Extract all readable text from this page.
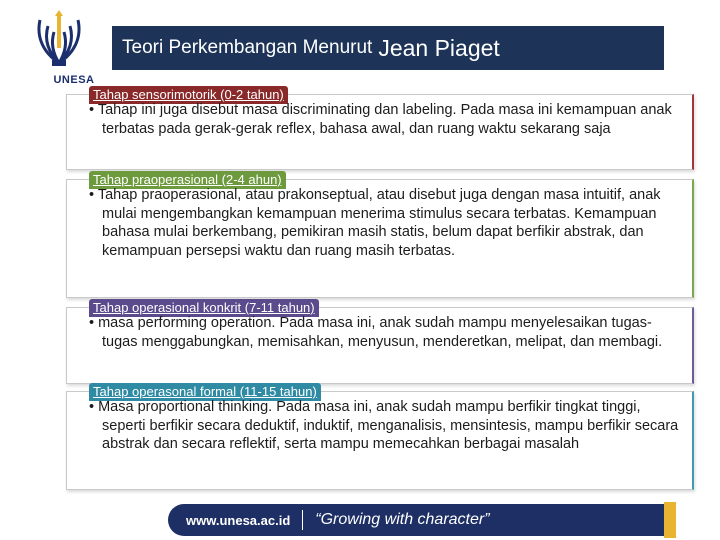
UNESA
Teori Perkembangan Menurut Jean Piaget
Tahap sensorimotorik (0-2 tahun)
• Tahap ini juga disebut masa discriminating dan labeling. Pada masa ini kemampuan anak terbatas pada gerak-gerak reflex, bahasa awal, dan ruang waktu sekarang saja
Tahap praoperasional (2-4 ahun)
• Tahap praoperasional, atau prakonseptual, atau disebut juga dengan masa intuitif, anak mulai mengembangkan kemampuan menerima stimulus secara terbatas. Kemampuan bahasa mulai berkembang, pemikiran masih statis, belum dapat berfikir abstrak, dan kemampuan persepsi waktu dan ruang masih terbatas.
Tahap operasional konkrit (7-11 tahun)
• masa performing operation. Pada masa ini, anak sudah mampu menyelesaikan tugas-tugas menggabungkan, memisahkan, menyusun, menderetkan, melipat, dan membagi.
Tahap operasonal formal (11-15 tahun)
• Masa proportional thinking. Pada masa ini, anak sudah mampu berfikir tingkat tinggi, seperti berfikir secara deduktif, induktif, menganalisis, mensintesis, mampu berfikir secara abstrak dan secara reflektif, serta mampu memecahkan berbagai masalah
www.unesa.ac.id “Growing with character”
